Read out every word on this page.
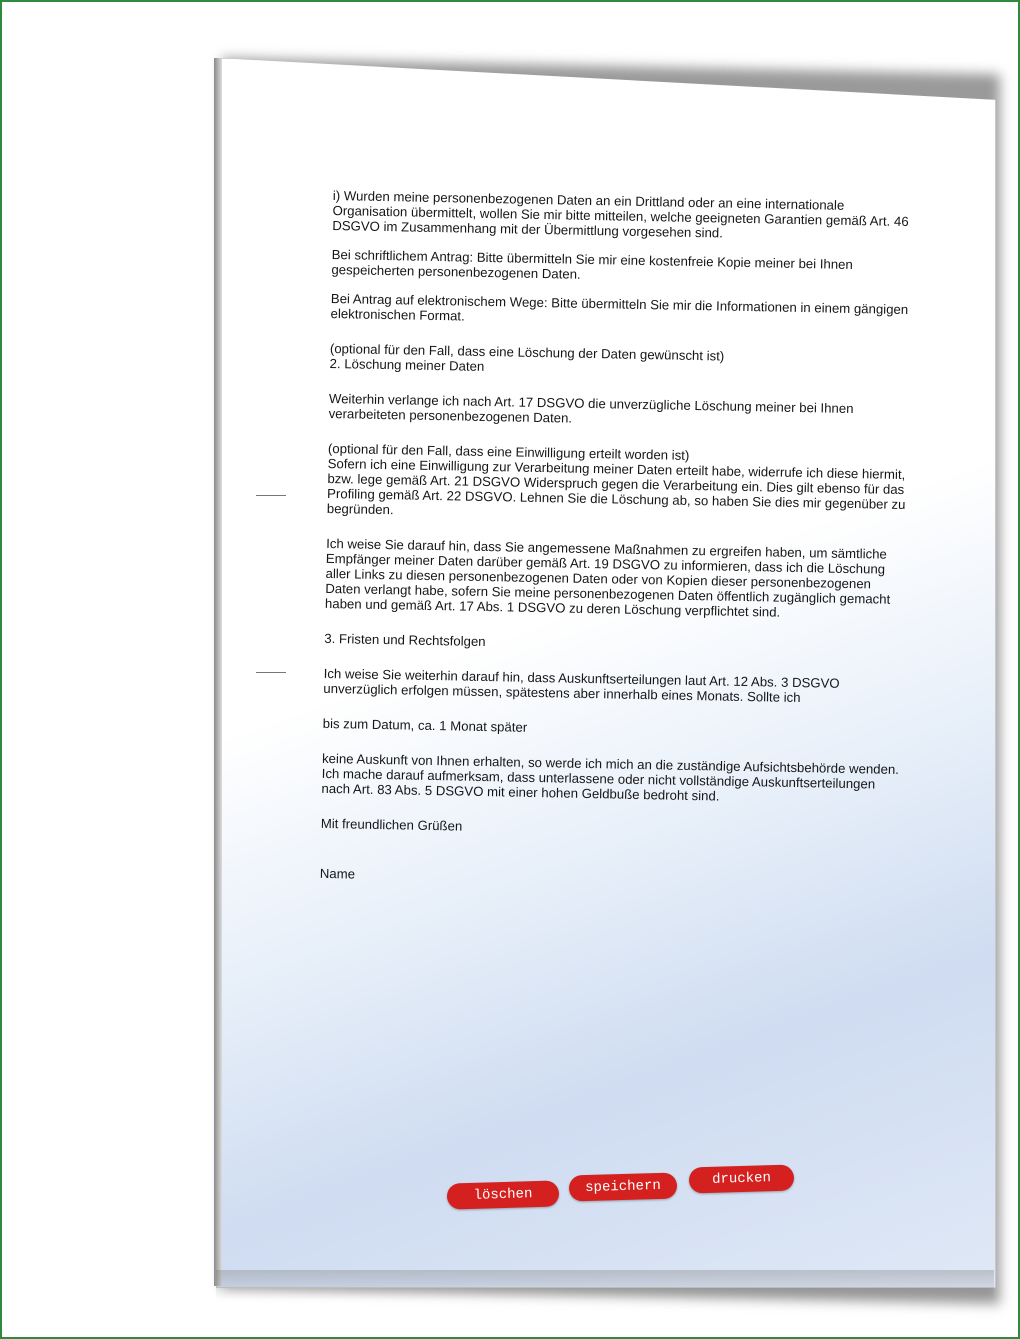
i) Wurden meine personenbezogenen Daten an ein Drittland oder an eine internationale Organisation übermittelt, wollen Sie mir bitte mitteilen, welche geeigneten Garantien gemäß Art. 46 DSGVO im Zusammenhang mit der Übermittlung vorgesehen sind.

Bei schriftlichem Antrag: Bitte übermitteln Sie mir eine kostenfreie Kopie meiner bei Ihnen gespeicherten personenbezogenen Daten.

Bei Antrag auf elektronischem Wege: Bitte übermitteln Sie mir die Informationen in einem gängigen elektronischen Format.

(optional für den Fall, dass eine Löschung der Daten gewünscht ist)
2. Löschung meiner Daten

Weiterhin verlange ich nach Art. 17 DSGVO die unverzügliche Löschung meiner bei Ihnen verarbeiteten personenbezogenen Daten.

(optional für den Fall, dass eine Einwilligung erteilt worden ist)
Sofern ich eine Einwilligung zur Verarbeitung meiner Daten erteilt habe, widerrufe ich diese hiermit, bzw. lege gemäß Art. 21 DSGVO Widerspruch gegen die Verarbeitung ein. Dies gilt ebenso für das Profiling gemäß Art. 22 DSGVO. Lehnen Sie die Löschung ab, so haben Sie dies mir gegenüber zu begründen.

Ich weise Sie darauf hin, dass Sie angemessene Maßnahmen zu ergreifen haben, um sämtliche Empfänger meiner Daten darüber gemäß Art. 19 DSGVO zu informieren, dass ich die Löschung aller Links zu diesen personenbezogenen Daten oder von Kopien dieser personenbezogenen Daten verlangt habe, sofern Sie meine personenbezogenen Daten öffentlich zugänglich gemacht haben und gemäß Art. 17 Abs. 1 DSGVO zu deren Löschung verpflichtet sind.

3. Fristen und Rechtsfolgen

Ich weise Sie weiterhin darauf hin, dass Auskunftserteilungen laut Art. 12 Abs. 3 DSGVO unverzüglich erfolgen müssen, spätestens aber innerhalb eines Monats. Sollte ich

bis zum Datum, ca. 1 Monat später

keine Auskunft von Ihnen erhalten, so werde ich mich an die zuständige Aufsichtsbehörde wenden. Ich mache darauf aufmerksam, dass unterlassene oder nicht vollständige Auskunftserteilungen nach Art. 83 Abs. 5 DSGVO mit einer hohen Geldbuße bedroht sind.

Mit freundlichen Grüßen

Name

löschen	speichern	drucken
